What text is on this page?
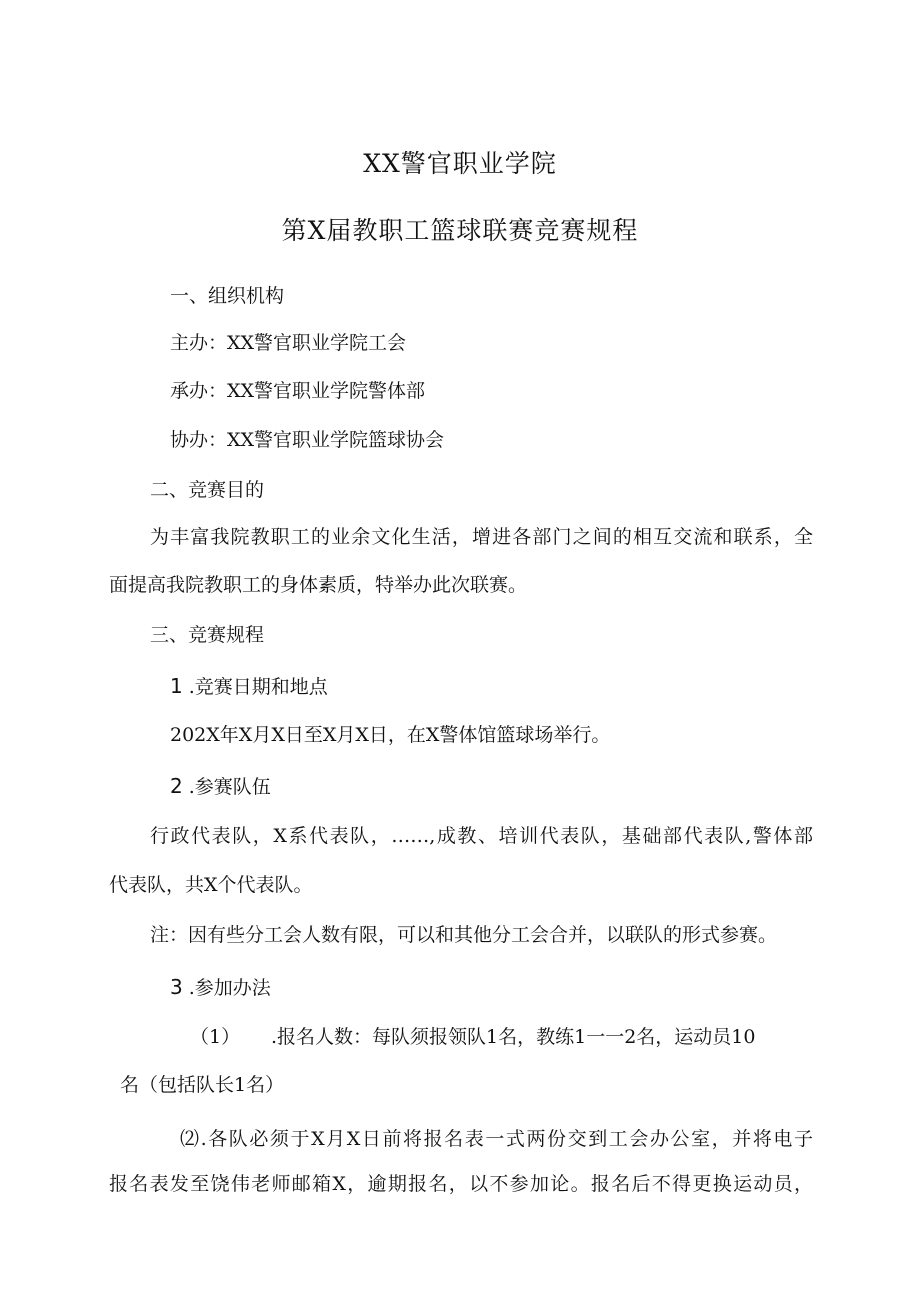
XX警官职业学院
第X届教职工篮球联赛竞赛规程
一、组织机构
主办：XX警官职业学院工会
承办：XX警官职业学院警体部
协办：XX警官职业学院篮球协会
二、竞赛目的
为丰富我院教职工的业余文化生活，增进各部门之间的相互交流和联系，全
面提高我院教职工的身体素质，特举办此次联赛。
三、竞赛规程
1 .竞赛日期和地点
202X年X月X日至X月X日，在X警体馆篮球场举行。
2 .参赛队伍
行政代表队，X系代表队，……,成教、培训代表队，基础部代表队,警体部
代表队，共X个代表队。
注：因有些分工会人数有限，可以和其他分工会合并，以联队的形式参赛。
3 .参加办法
（1） .报名人数：每队须报领队1名，教练1一一2名，运动员10
名（包括队长1名）
⑵.各队必须于X月X日前将报名表一式两份交到工会办公室，并将电子
报名表发至饶伟老师邮箱X，逾期报名，以不参加论。报名后不得更换运动员，
